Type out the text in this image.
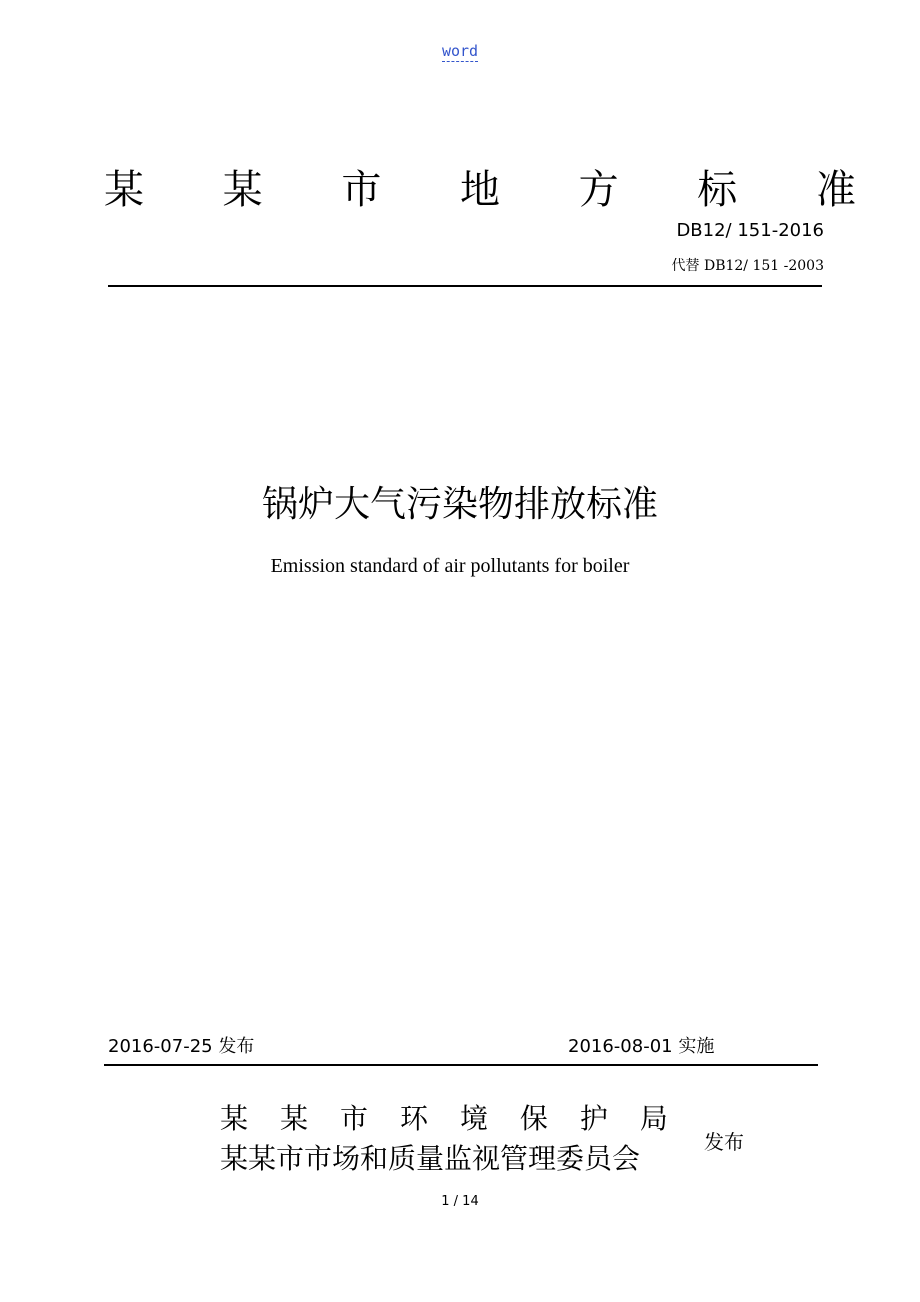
word
某 某 市 地 方 标 准
DB12/ 151-2016
代替 DB12/ 151 -2003
锅炉大气污染物排放标准
Emission standard of air pollutants for boiler
2016-07-25 发布	2016-08-01 实施
某 某 市 环 境 保 护 局
某某市市场和质量监视管理委员会	发布
1 / 14
